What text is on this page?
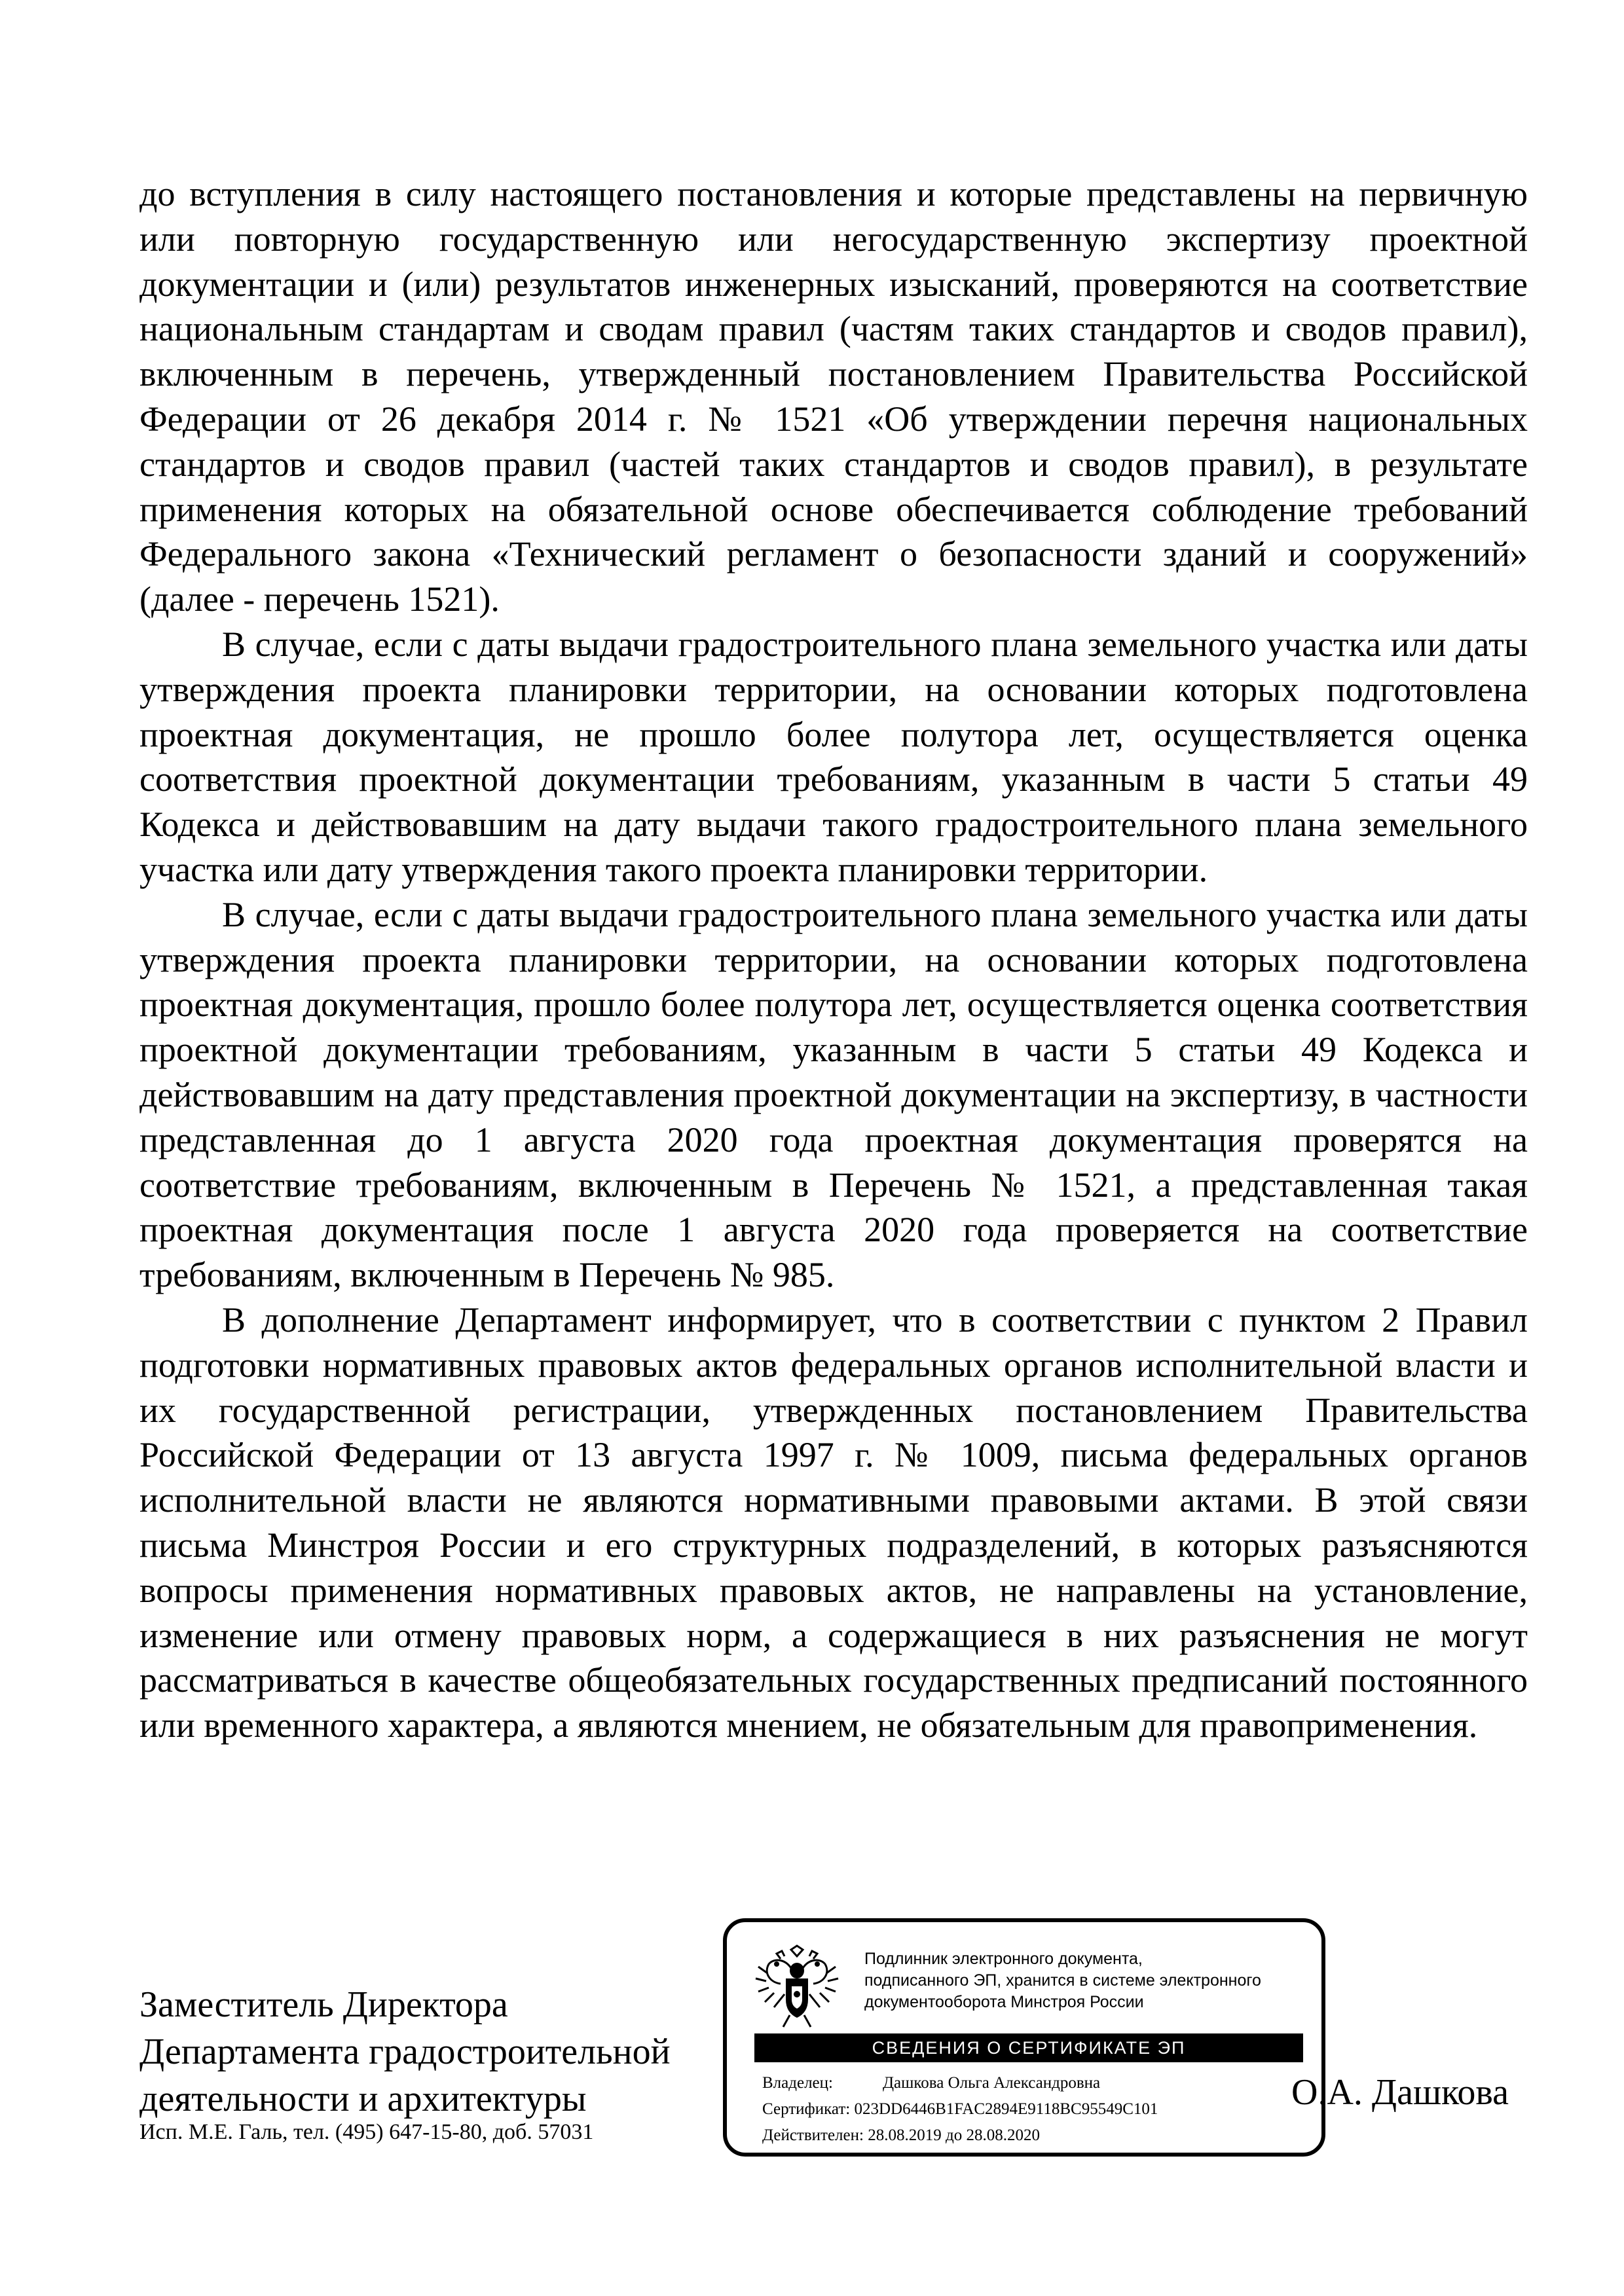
до вступления в силу настоящего постановления и которые представлены на первичную или повторную государственную или негосударственную экспертизу проектной документации и (или) результатов инженерных изысканий, проверяются на соответствие национальным стандартам и сводам правил (частям таких стандартов и сводов правил), включенным в перечень, утвержденный постановлением Правительства Российской Федерации от 26 декабря 2014 г. № 1521 «Об утверждении перечня национальных стандартов и сводов правил (частей таких стандартов и сводов правил), в результате применения которых на обязательной основе обеспечивается соблюдение требований Федерального закона «Технический регламент о безопасности зданий и сооружений» (далее - перечень 1521).

В случае, если с даты выдачи градостроительного плана земельного участка или даты утверждения проекта планировки территории, на основании которых подготовлена проектная документация, не прошло более полутора лет, осуществляется оценка соответствия проектной документации требованиям, указанным в части 5 статьи 49 Кодекса и действовавшим на дату выдачи такого градостроительного плана земельного участка или дату утверждения такого проекта планировки территории.

В случае, если с даты выдачи градостроительного плана земельного участка или даты утверждения проекта планировки территории, на основании которых подготовлена проектная документация, прошло более полутора лет, осуществляется оценка соответствия проектной документации требованиям, указанным в части 5 статьи 49 Кодекса и действовавшим на дату представления проектной документации на экспертизу, в частности представленная до 1 августа 2020 года проектная документация проверятся на соответствие требованиям, включенным в Перечень № 1521, а представленная такая проектная документация после 1 августа 2020 года проверяется на соответствие требованиям, включенным в Перечень № 985.

В дополнение Департамент информирует, что в соответствии с пунктом 2 Правил подготовки нормативных правовых актов федеральных органов исполнительной власти и их государственной регистрации, утвержденных постановлением Правительства Российской Федерации от 13 августа 1997 г. № 1009, письма федеральных органов исполнительной власти не являются нормативными правовыми актами. В этой связи письма Минстроя России и его структурных подразделений, в которых разъясняются вопросы применения нормативных правовых актов, не направлены на установление, изменение или отмену правовых норм, а содержащиеся в них разъяснения не могут рассматриваться в качестве общеобязательных государственных предписаний постоянного или временного характера, а являются мнением, не обязательным для правоприменения.

Заместитель Директора
Департамента градостроительной
деятельности и архитектуры
Исп. М.Е. Галь, тел. (495) 647-15-80, доб. 57031
Подлинник электронного документа,
подписанного ЭП, хранится в системе электронного
документооборота Минстроя России
СВЕДЕНИЯ О СЕРТИФИКАТЕ ЭП
Владелец:	Дашкова Ольга Александровна
Сертификат: 023DD6446B1FAC2894E9118BC95549C101
Действителен: 28.08.2019 до 28.08.2020
О.А. Дашкова
